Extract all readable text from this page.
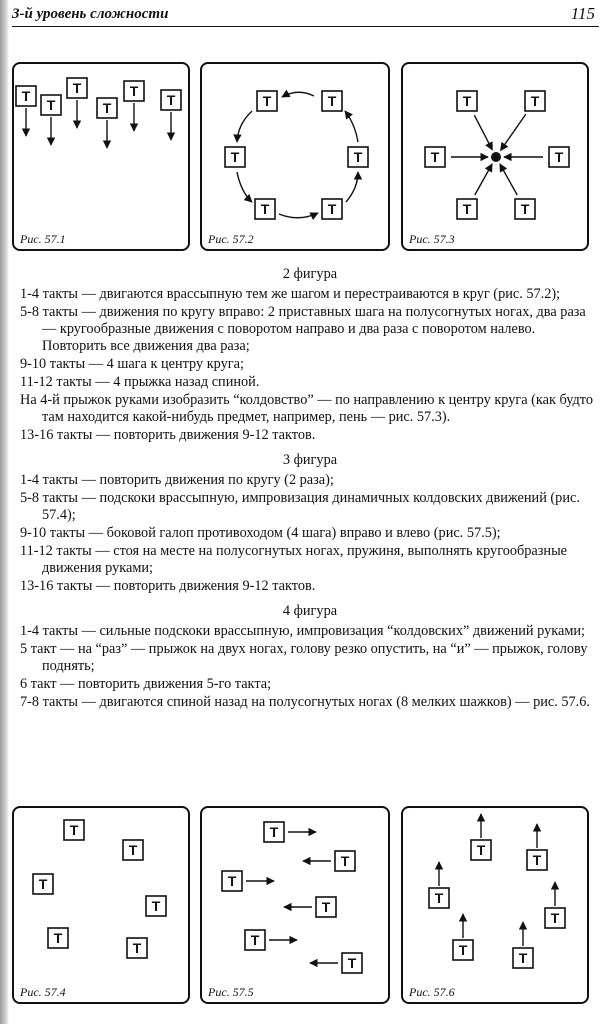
3-й уровень сложности	115
Т
Т
Т
Т
Т
Т
Рис. 57.1
Т	Т
Т
Т
Т
Т
Рис. 57.2
Т	Т
Т	Т
Т	Т
Рис. 57.3
2 фигура
1-4 такты — двигаются врассыпную тем же шагом и перестраиваются в круг (рис. 57.2);
5-8 такты — движения по кругу вправо: 2 приставных шага на полусогнутых ногах, два раза — кругообразные движения с поворотом направо и два раза с поворотом налево. Повторить все движения два раза;
9-10 такты — 4 шага к центру круга;
11-12 такты — 4 прыжка назад спиной.
На 4-й прыжок руками изобразить “колдовство” — по направлению к центру круга (как будто там находится какой-нибудь предмет, например, пень — рис. 57.3).
13-16 такты — повторить движения 9-12 тактов.
3 фигура
1-4 такты — повторить движения по кругу (2 раза);
5-8 такты — подскоки врассыпную, импровизация динамичных колдовских движений (рис. 57.4);
9-10 такты — боковой галоп противоходом (4 шага) вправо и влево (рис. 57.5);
11-12 такты — стоя на месте на полусогнутых ногах, пружиня, выполнять кругообразные движения руками;
13-16 такты — повторить движения 9-12 тактов.
4 фигура
1-4 такты — сильные подскоки врассыпную, импровизация “колдовских” движений руками;
5 такт — на “раз” — прыжок на двух ногах, голову резко опустить, на “и” — прыжок, голову поднять;
6 такт — повторить движения 5-го такта;
7-8 такты — двигаются спиной назад на полусогнутых ногах (8 мелких шажков) — рис. 57.6.
Т
Т
Т
Т
Т
Т
Рис. 57.4
Т
Т
Т
Т
Т
Т
Рис. 57.5
Т
Т
Т
Т
Т	Т
Рис. 57.6
